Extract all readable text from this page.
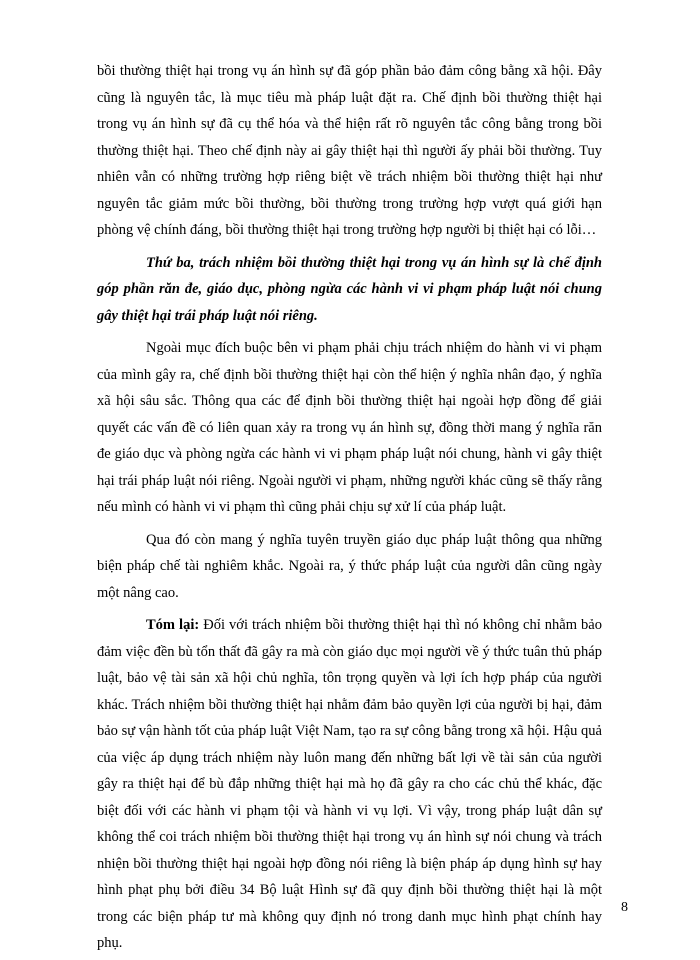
bồi thường thiệt hại trong vụ án hình sự đã góp phần bảo đảm công bằng xã hội. Đây cũng là nguyên tắc, là mục tiêu mà pháp luật đặt ra. Chế định bồi thường thiệt hại trong vụ án hình sự đã cụ thể hóa và thể hiện rất rõ nguyên tắc công bằng trong bồi thường thiệt hại. Theo chế định này ai gây thiệt hại thì người ấy phải bồi thường. Tuy nhiên vẫn có những trường hợp riêng biệt về trách nhiệm bồi thường thiệt hại như nguyên tắc giảm mức bồi thường, bồi thường trong trường hợp vượt quá giới hạn phòng vệ chính đáng, bồi thường thiệt hại trong trường hợp người bị thiệt hại có lỗi…

Thứ ba, trách nhiệm bồi thường thiệt hại trong vụ án hình sự là chế định góp phần răn đe, giáo dục, phòng ngừa các hành vi vi phạm pháp luật nói chung gây thiệt hại trái pháp luật nói riêng.

Ngoài mục đích buộc bên vi phạm phải chịu trách nhiệm do hành vi vi phạm của mình gây ra, chế định bồi thường thiệt hại còn thể hiện ý nghĩa nhân đạo, ý nghĩa xã hội sâu sắc. Thông qua các để định bồi thường thiệt hại ngoài hợp đồng để giải quyết các vấn đề có liên quan xảy ra trong vụ án hình sự, đồng thời mang ý nghĩa răn đe giáo dục và phòng ngừa các hành vi vi phạm pháp luật nói chung, hành vi gây thiệt hại trái pháp luật nói riêng. Ngoài người vi phạm, những người khác cũng sẽ thấy rằng nếu mình có hành vi vi phạm thì cũng phải chịu sự xử lí của pháp luật.

Qua đó còn mang ý nghĩa tuyên truyền giáo dục pháp luật thông qua những biện pháp chế tài nghiêm khắc. Ngoài ra, ý thức pháp luật của người dân cũng ngày một nâng cao.

Tóm lại: Đối với trách nhiệm bồi thường thiệt hại thì nó không chỉ nhằm bảo đảm việc đền bù tổn thất đã gây ra mà còn giáo dục mọi người về ý thức tuân thủ pháp luật, bảo vệ tài sản xã hội chủ nghĩa, tôn trọng quyền và lợi ích hợp pháp của người khác. Trách nhiệm bồi thường thiệt hại nhằm đảm bảo quyền lợi của người bị hại, đảm bảo sự vận hành tốt của pháp luật Việt Nam, tạo ra sự công bằng trong xã hội. Hậu quả của việc áp dụng trách nhiệm này luôn mang đến những bất lợi về tài sản của người gây ra thiệt hại để bù đắp những thiệt hại mà họ đã gây ra cho các chủ thể khác, đặc biệt đối với các hành vi phạm tội và hành vi vụ lợi. Vì vậy, trong pháp luật dân sự không thể coi trách nhiệm bồi thường thiệt hại trong vụ án hình sự nói chung và trách nhiện bồi thường thiệt hại ngoài hợp đồng nói riêng là biện pháp áp dụng hình sự hay hình phạt phụ bởi điều 34 Bộ luật Hình sự đã quy định bồi thường thiệt hại là một trong các biện pháp tư mà không quy định nó trong danh mục hình phạt chính hay phụ.

8
